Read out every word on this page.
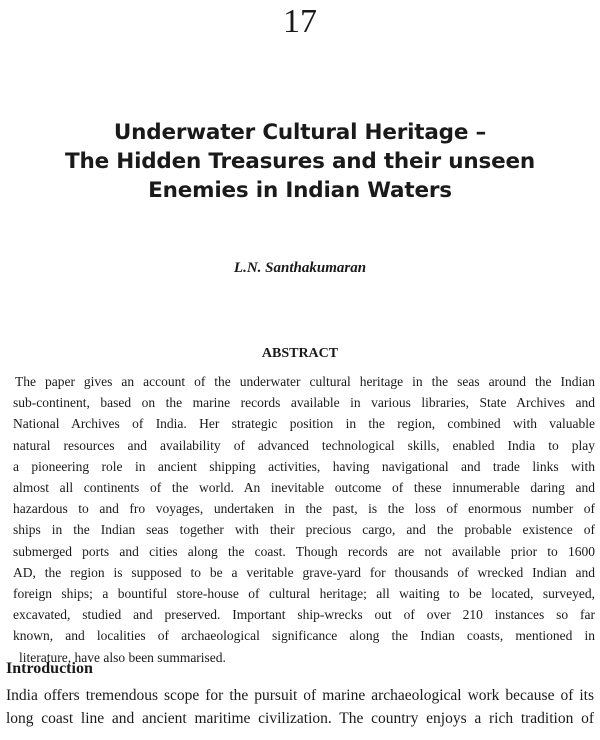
17
Underwater Cultural Heritage –
The Hidden Treasures and their unseen
Enemies in Indian Waters
L.N. Santhakumaran
ABSTRACT
The paper gives an account of the underwater cultural heritage in the seas around the Indian
sub-continent, based on the marine records available in various libraries, State Archives and
National Archives of India. Her strategic position in the region, combined with valuable
natural resources and availability of advanced technological skills, enabled India to play
a pioneering role in ancient shipping activities, having navigational and trade links with
almost all continents of the world. An inevitable outcome of these innumerable daring and
hazardous to and fro voyages, undertaken in the past, is the loss of enormous number of
ships in the Indian seas together with their precious cargo, and the probable existence of
submerged ports and cities along the coast. Though records are not available prior to 1600
AD, the region is supposed to be a veritable grave-yard for thousands of wrecked Indian and
foreign ships; a bountiful store-house of cultural heritage; all waiting to be located, surveyed,
excavated, studied and preserved. Important ship-wrecks out of over 210 instances so far
known, and localities of archaeological significance along the Indian coasts, mentioned in
literature, have also been summarised.
Introduction
India offers tremendous scope for the pursuit of marine archaeological work because of its
long coast line and ancient maritime civilization. The country enjoys a rich tradition of
